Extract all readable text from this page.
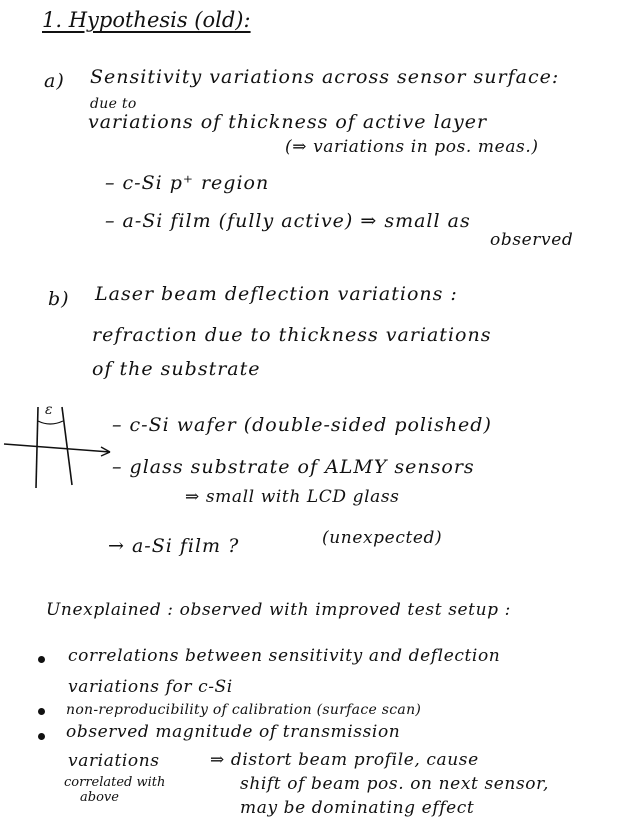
1. Hypothesis (old):
a) Sensitivity variations across sensor surface:
due to
variations of thickness of active layer
(⇒ variations in pos. meas.)
– c-Si p⁺ region
– a-Si film (fully active) ⇒ small as
observed
b) Laser beam deflection variations :
refraction due to thickness variations
of the substrate
ε
– c-Si wafer (double-sided polished)
– glass substrate of ALMY sensors
⇒ small with LCD glass
→ a-Si film ?	(unexpected)
Unexplained : observed with improved test setup :
correlations between sensitivity and deflection
variations for c-Si
non-reproducibility of calibration (surface scan)
observed magnitude of transmission
variations
correlated with
above
⇒ distort beam profile, cause
shift of beam pos. on next sensor,
may be dominating effect
